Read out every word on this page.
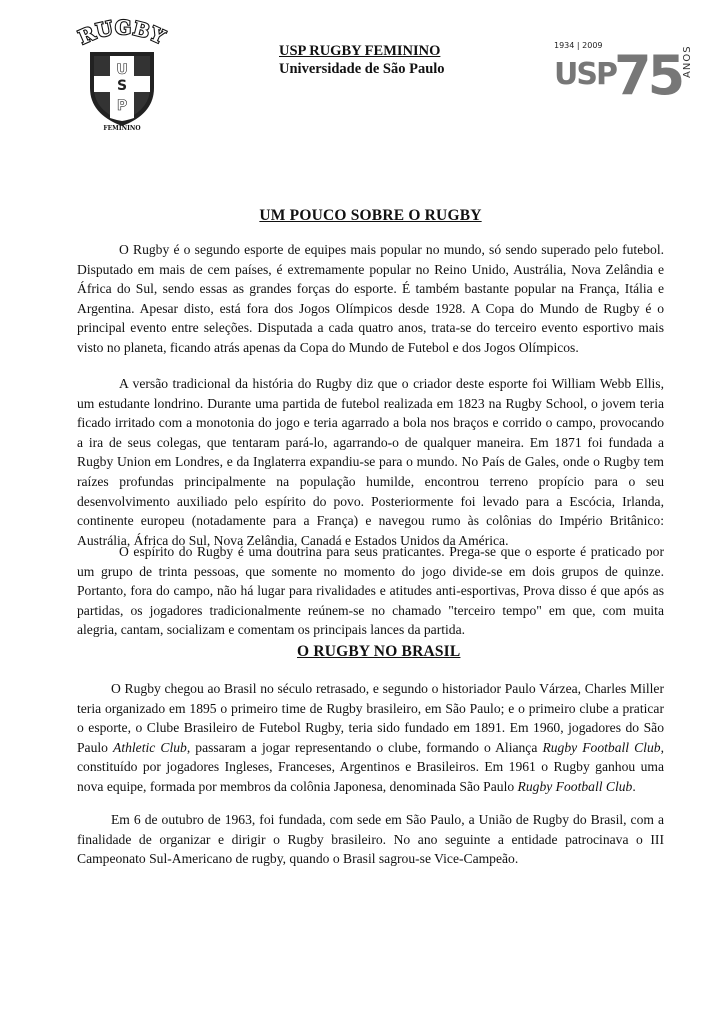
RUGBY
U
S
P
FEMININO
USP RUGBY FEMININO
Universidade de São Paulo
1934 | 2009
USP
75 ANOS
UM POUCO SOBRE O RUGBY

O Rugby é o segundo esporte de equipes mais popular no mundo, só sendo superado pelo futebol. Disputado em mais de cem países, é extremamente popular no Reino Unido, Austrália, Nova Zelândia e África do Sul, sendo essas as grandes forças do esporte. É também bastante popular na França, Itália e Argentina. Apesar disto, está fora dos Jogos Olímpicos desde 1928. A Copa do Mundo de Rugby é o principal evento entre seleções. Disputada a cada quatro anos, trata-se do terceiro evento esportivo mais visto no planeta, ficando atrás apenas da Copa do Mundo de Futebol e dos Jogos Olímpicos.

A versão tradicional da história do Rugby diz que o criador deste esporte foi William Webb Ellis, um estudante londrino. Durante uma partida de futebol realizada em 1823 na Rugby School, o jovem teria ficado irritado com a monotonia do jogo e teria agarrado a bola nos braços e corrido o campo, provocando a ira de seus colegas, que tentaram pará-lo, agarrando-o de qualquer maneira. Em 1871 foi fundada a Rugby Union em Londres, e da Inglaterra expandiu-se para o mundo. No País de Gales, onde o Rugby tem raízes profundas principalmente na população humilde, encontrou terreno propício para o seu desenvolvimento auxiliado pelo espírito do povo. Posteriormente foi levado para a Escócia, Irlanda, continente europeu (notadamente para a França) e navegou rumo às colônias do Império Britânico: Austrália, África do Sul, Nova Zelândia, Canadá e Estados Unidos da América.

O espírito do Rugby é uma doutrina para seus praticantes. Prega-se que o esporte é praticado por um grupo de trinta pessoas, que somente no momento do jogo divide-se em dois grupos de quinze. Portanto, fora do campo, não há lugar para rivalidades e atitudes anti-esportivas, Prova disso é que após as partidas, os jogadores tradicionalmente reúnem-se no chamado "terceiro tempo" em que, com muita alegria, cantam, socializam e comentam os principais lances da partida.

O RUGBY NO BRASIL

O Rugby chegou ao Brasil no século retrasado, e segundo o historiador Paulo Várzea, Charles Miller teria organizado em 1895 o primeiro time de Rugby brasileiro, em São Paulo; e o primeiro clube a praticar o esporte, o Clube Brasileiro de Futebol Rugby, teria sido fundado em 1891. Em 1960, jogadores do São Paulo Athletic Club, passaram a jogar representando o clube, formando o Aliança Rugby Football Club, constituído por jogadores Ingleses, Franceses, Argentinos e Brasileiros. Em 1961 o Rugby ganhou uma nova equipe, formada por membros da colônia Japonesa, denominada São Paulo Rugby Football Club.

Em 6 de outubro de 1963, foi fundada, com sede em São Paulo, a União de Rugby do Brasil, com a finalidade de organizar e dirigir o Rugby brasileiro. No ano seguinte a entidade patrocinava o III Campeonato Sul-Americano de rugby, quando o Brasil sagrou-se Vice-Campeão.
